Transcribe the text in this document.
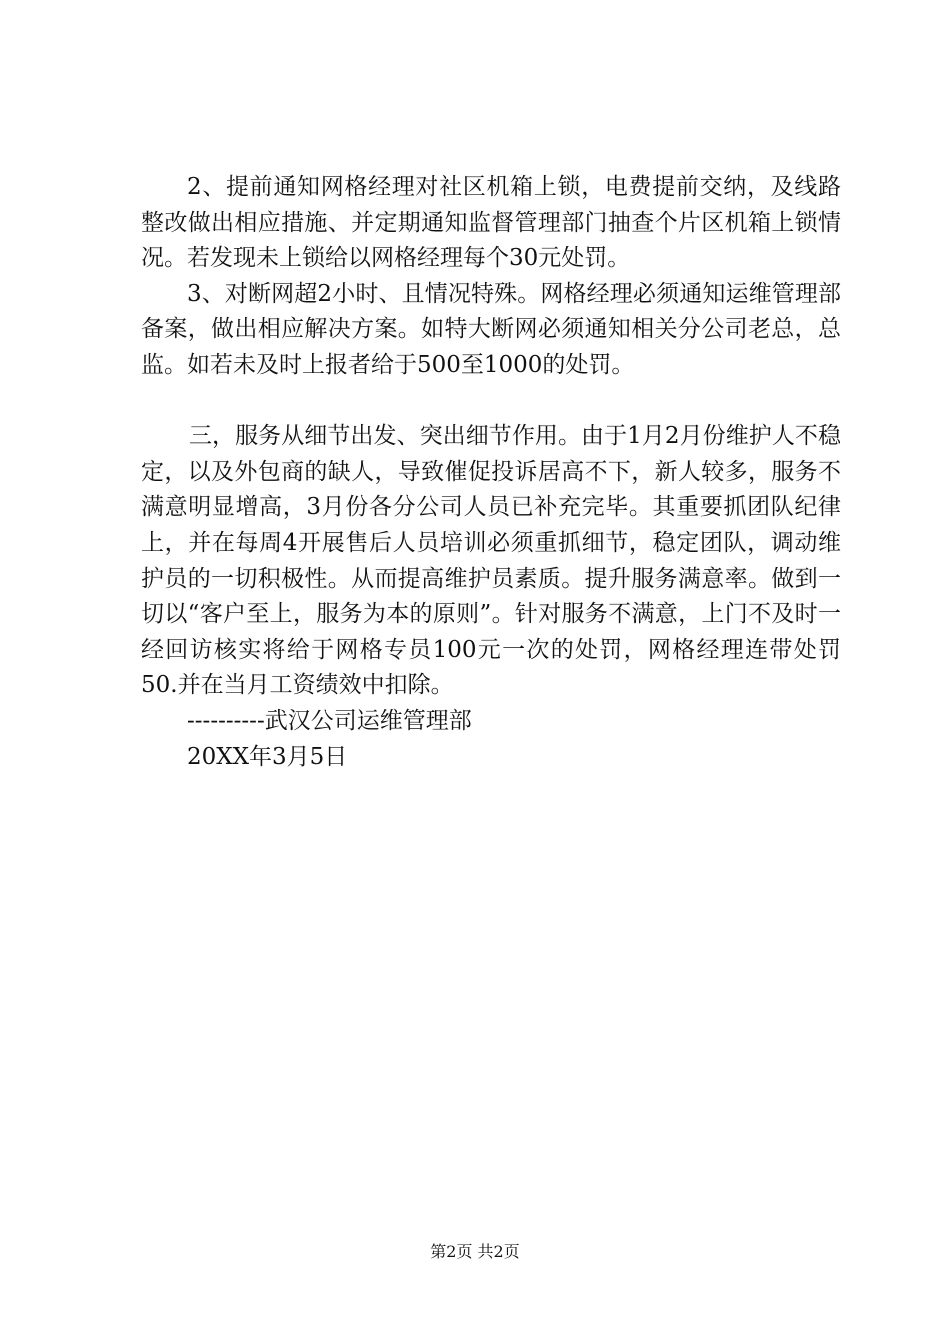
2、提前通知网格经理对社区机箱上锁，电费提前交纳，及线路整改做出相应措施、并定期通知监督管理部门抽查个片区机箱上锁情况。若发现未上锁给以网格经理每个30元处罚。

3、对断网超2小时、且情况特殊。网格经理必须通知运维管理部备案，做出相应解决方案。如特大断网必须通知相关分公司老总，总监。如若未及时上报者给于500至1000的处罚。

三，服务从细节出发、突出细节作用。由于1月2月份维护人不稳定，以及外包商的缺人，导致催促投诉居高不下，新人较多，服务不满意明显增高，3月份各分公司人员已补充完毕。其重要抓团队纪律上，并在每周4开展售后人员培训必须重抓细节，稳定团队，调动维护员的一切积极性。从而提高维护员素质。提升服务满意率。做到一切以“客户至上，服务为本的原则”。针对服务不满意，上门不及时一经回访核实将给于网格专员100元一次的处罚，网格经理连带处罚50.并在当月工资绩效中扣除。

----------武汉公司运维管理部

20XX年3月5日

第2页 共2页
